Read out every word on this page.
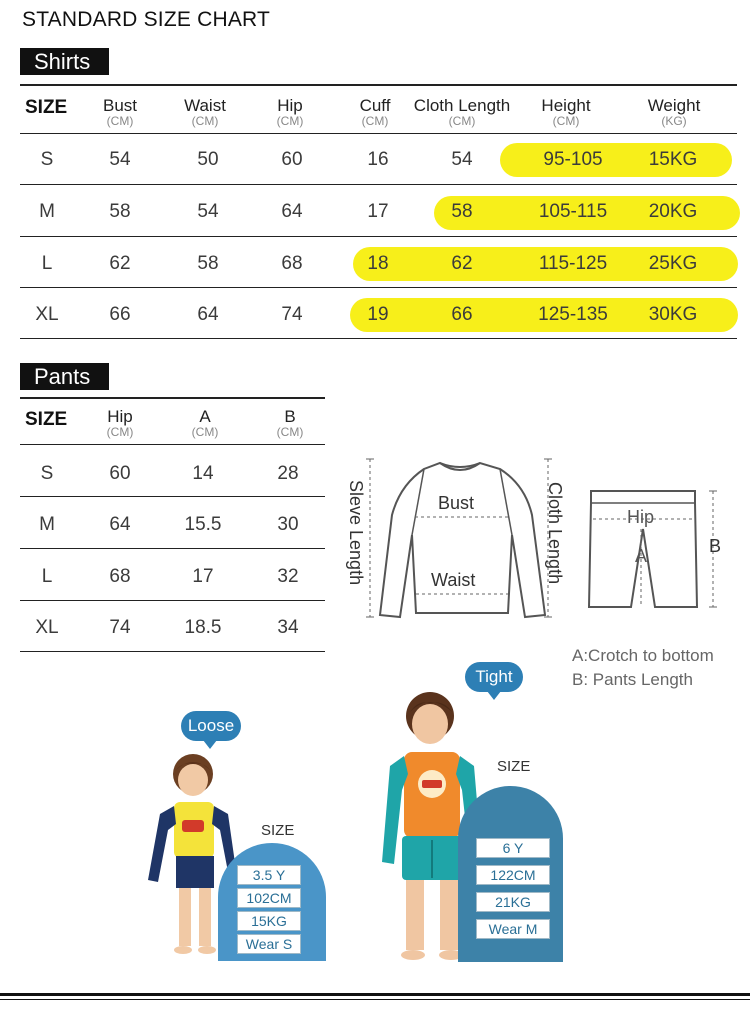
STANDARD SIZE CHART
Shirts
SIZE Bust
(CM)
Waist
(CM)
Hip
(CM)
Cuff
(CM)
Cloth Length
(CM)
Height
(CM)
Weight
(KG)
S	54	50	60	16	54	95-105 15KG
M	58	54	64	17	58	105-115 20KG
L	62	58	68	18	62	115-125 25KG
XL	66	64	74	19	66	125-135 30KG
Pants
SIZE Hip
(CM)
A
(CM)
B
(CM)
S	60	14	28
M	64	15.5	30
L	68	17	32
XL	74	18.5	34
Bust
Waist
Sleve Length	Cloth Length	Hip
A	B
A:Crotch to bottom
B: Pants Length
Loose
SIZE
3.5 Y
102CM
15KG
Wear S
Tight
SIZE
6 Y
122CM
21KG
Wear M
